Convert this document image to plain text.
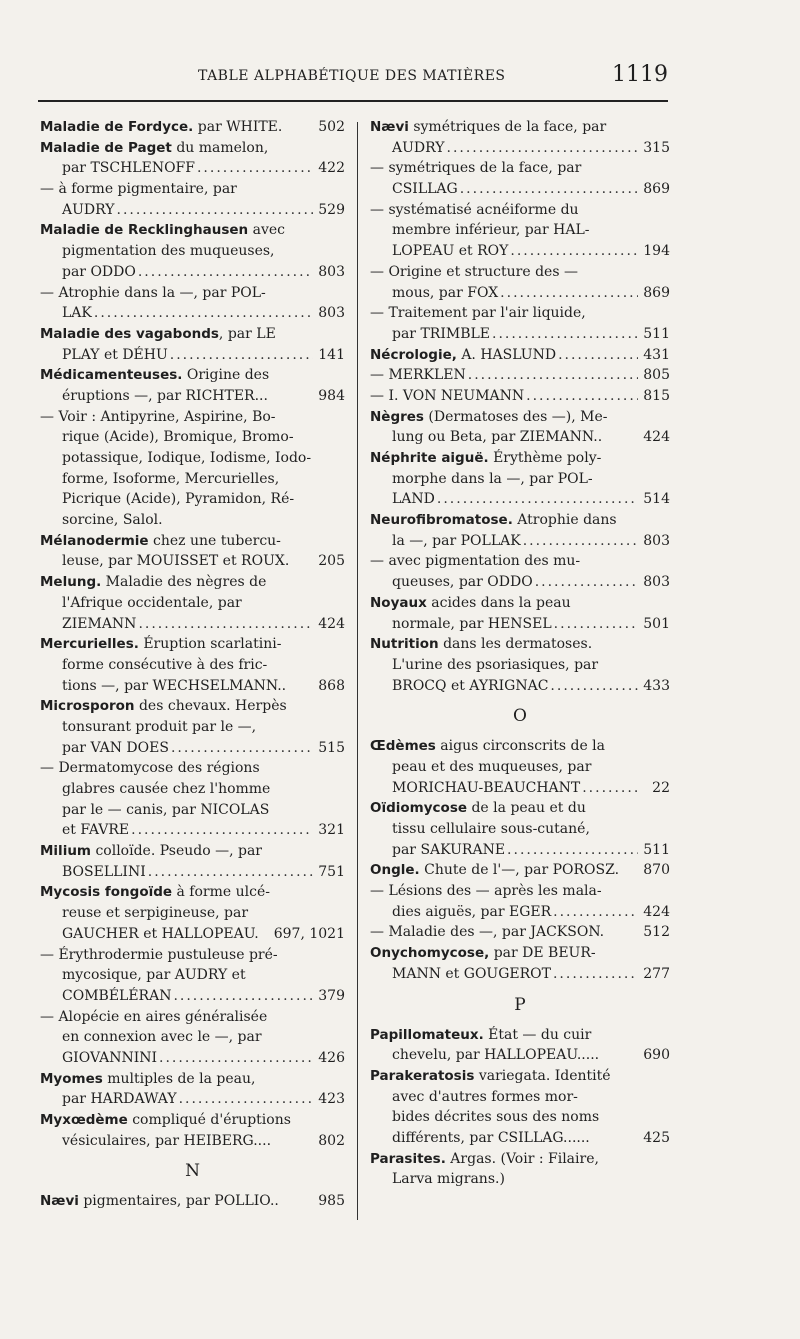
TABLE ALPHABÉTIQUE DES MATIÈRES	1119
Maladie de Fordyce. par WHITE.	502
Maladie de Paget du mamelon,
par TSCHLENOFF .....	422
— à forme pigmentaire, par
AUDRY .....	529
Maladie de Recklinghausen avec
pigmentation des muqueuses,
par ODDO .....	803
— Atrophie dans la —, par POL-
LAK .....	803
Maladie des vagabonds, par LE
PLAY et DÉHU .....	141
Médicamenteuses. Origine des
éruptions —, par RICHTER...	984
— Voir : Antipyrine, Aspirine, Bo-
rique (Acide), Bromique, Bromo-
potassique, Iodique, Iodisme, Iodo-
forme, Isoforme, Mercurielles,
Picrique (Acide), Pyramidon, Ré-
sorcine, Salol.
Mélanodermie chez une tubercu-
leuse, par MOUISSET et ROUX. 205
Melung. Maladie des nègres de
l'Afrique occidentale, par
ZIEMANN .....	424
Mercurielles. Éruption scarlatini-
forme consécutive à des fric-
tions —, par WECHSELMANN.. 868
Microsporon des chevaux. Herpès
tonsurant produit par le —,
par VAN DOES .....	515
— Dermatomycose des régions
glabres causée chez l'homme
par le — canis, par NICOLAS
et FAVRE .....	321
Milium colloïde. Pseudo —, par
BOSELLINI .....	751
Mycosis fongoïde à forme ulcé-
reuse et serpigineuse, par
GAUCHER et HALLOPEAU. 697, 1021
— Érythrodermie pustuleuse pré-
mycosique, par AUDRY et
COMBÉLÉRAN .....	379
— Alopécie en aires généralisée
en connexion avec le —, par
GIOVANNINI .....	426
Myomes multiples de la peau,
par HARDAWAY .....	423
Myxœdème compliqué d'éruptions
vésiculaires, par HEIBERG....	802
N
Nævi pigmentaires, par POLLIO..	985
Nævi symétriques de la face, par
AUDRY .....	315
— symétriques de la face, par
CSILLAG .....	869
— systématisé acnéiforme du
membre inférieur, par HAL-
LOPEAU et ROY .....	194
— Origine et structure des —
mous, par FOX .....	869
— Traitement par l'air liquide,
par TRIMBLE .....	511
Nécrologie, A. HASLUND .....	431
— MERKLEN .....	805
— I. VON NEUMANN .....	815
Nègres (Dermatoses des —), Me-
lung ou Beta, par ZIEMANN..	424
Néphrite aiguë. Érythème poly-
morphe dans la —, par POL-
LAND .....	514
Neurofibromatose. Atrophie dans
la —, par POLLAK .....	803
— avec pigmentation des mu-
queuses, par ODDO .....	803
Noyaux acides dans la peau
normale, par HENSEL .....	501
Nutrition dans les dermatoses.
L'urine des psoriasiques, par
BROCQ et AYRIGNAC .....	433
O
Œdèmes aigus circonscrits de la
peau et des muqueuses, par
MORICHAU-BEAUCHANT .....	22
Oïdiomycose de la peau et du
tissu cellulaire sous-cutané,
par SAKURANE .....	511
Ongle. Chute de l'—, par POROSZ. 870
— Lésions des — après les mala-
dies aiguës, par EGER .....	424
— Maladie des —, par JACKSON.	512
Onychomycose, par DE BEUR-
MANN et GOUGEROT .....	277
P
Papillomateux. État — du cuir
chevelu, par HALLOPEAU.....	690
Parakeratosis variegata. Identité
avec d'autres formes mor-
bides décrites sous des noms
différents, par CSILLAG......	425
Parasites. Argas. (Voir : Filaire,
Larva migrans.)
